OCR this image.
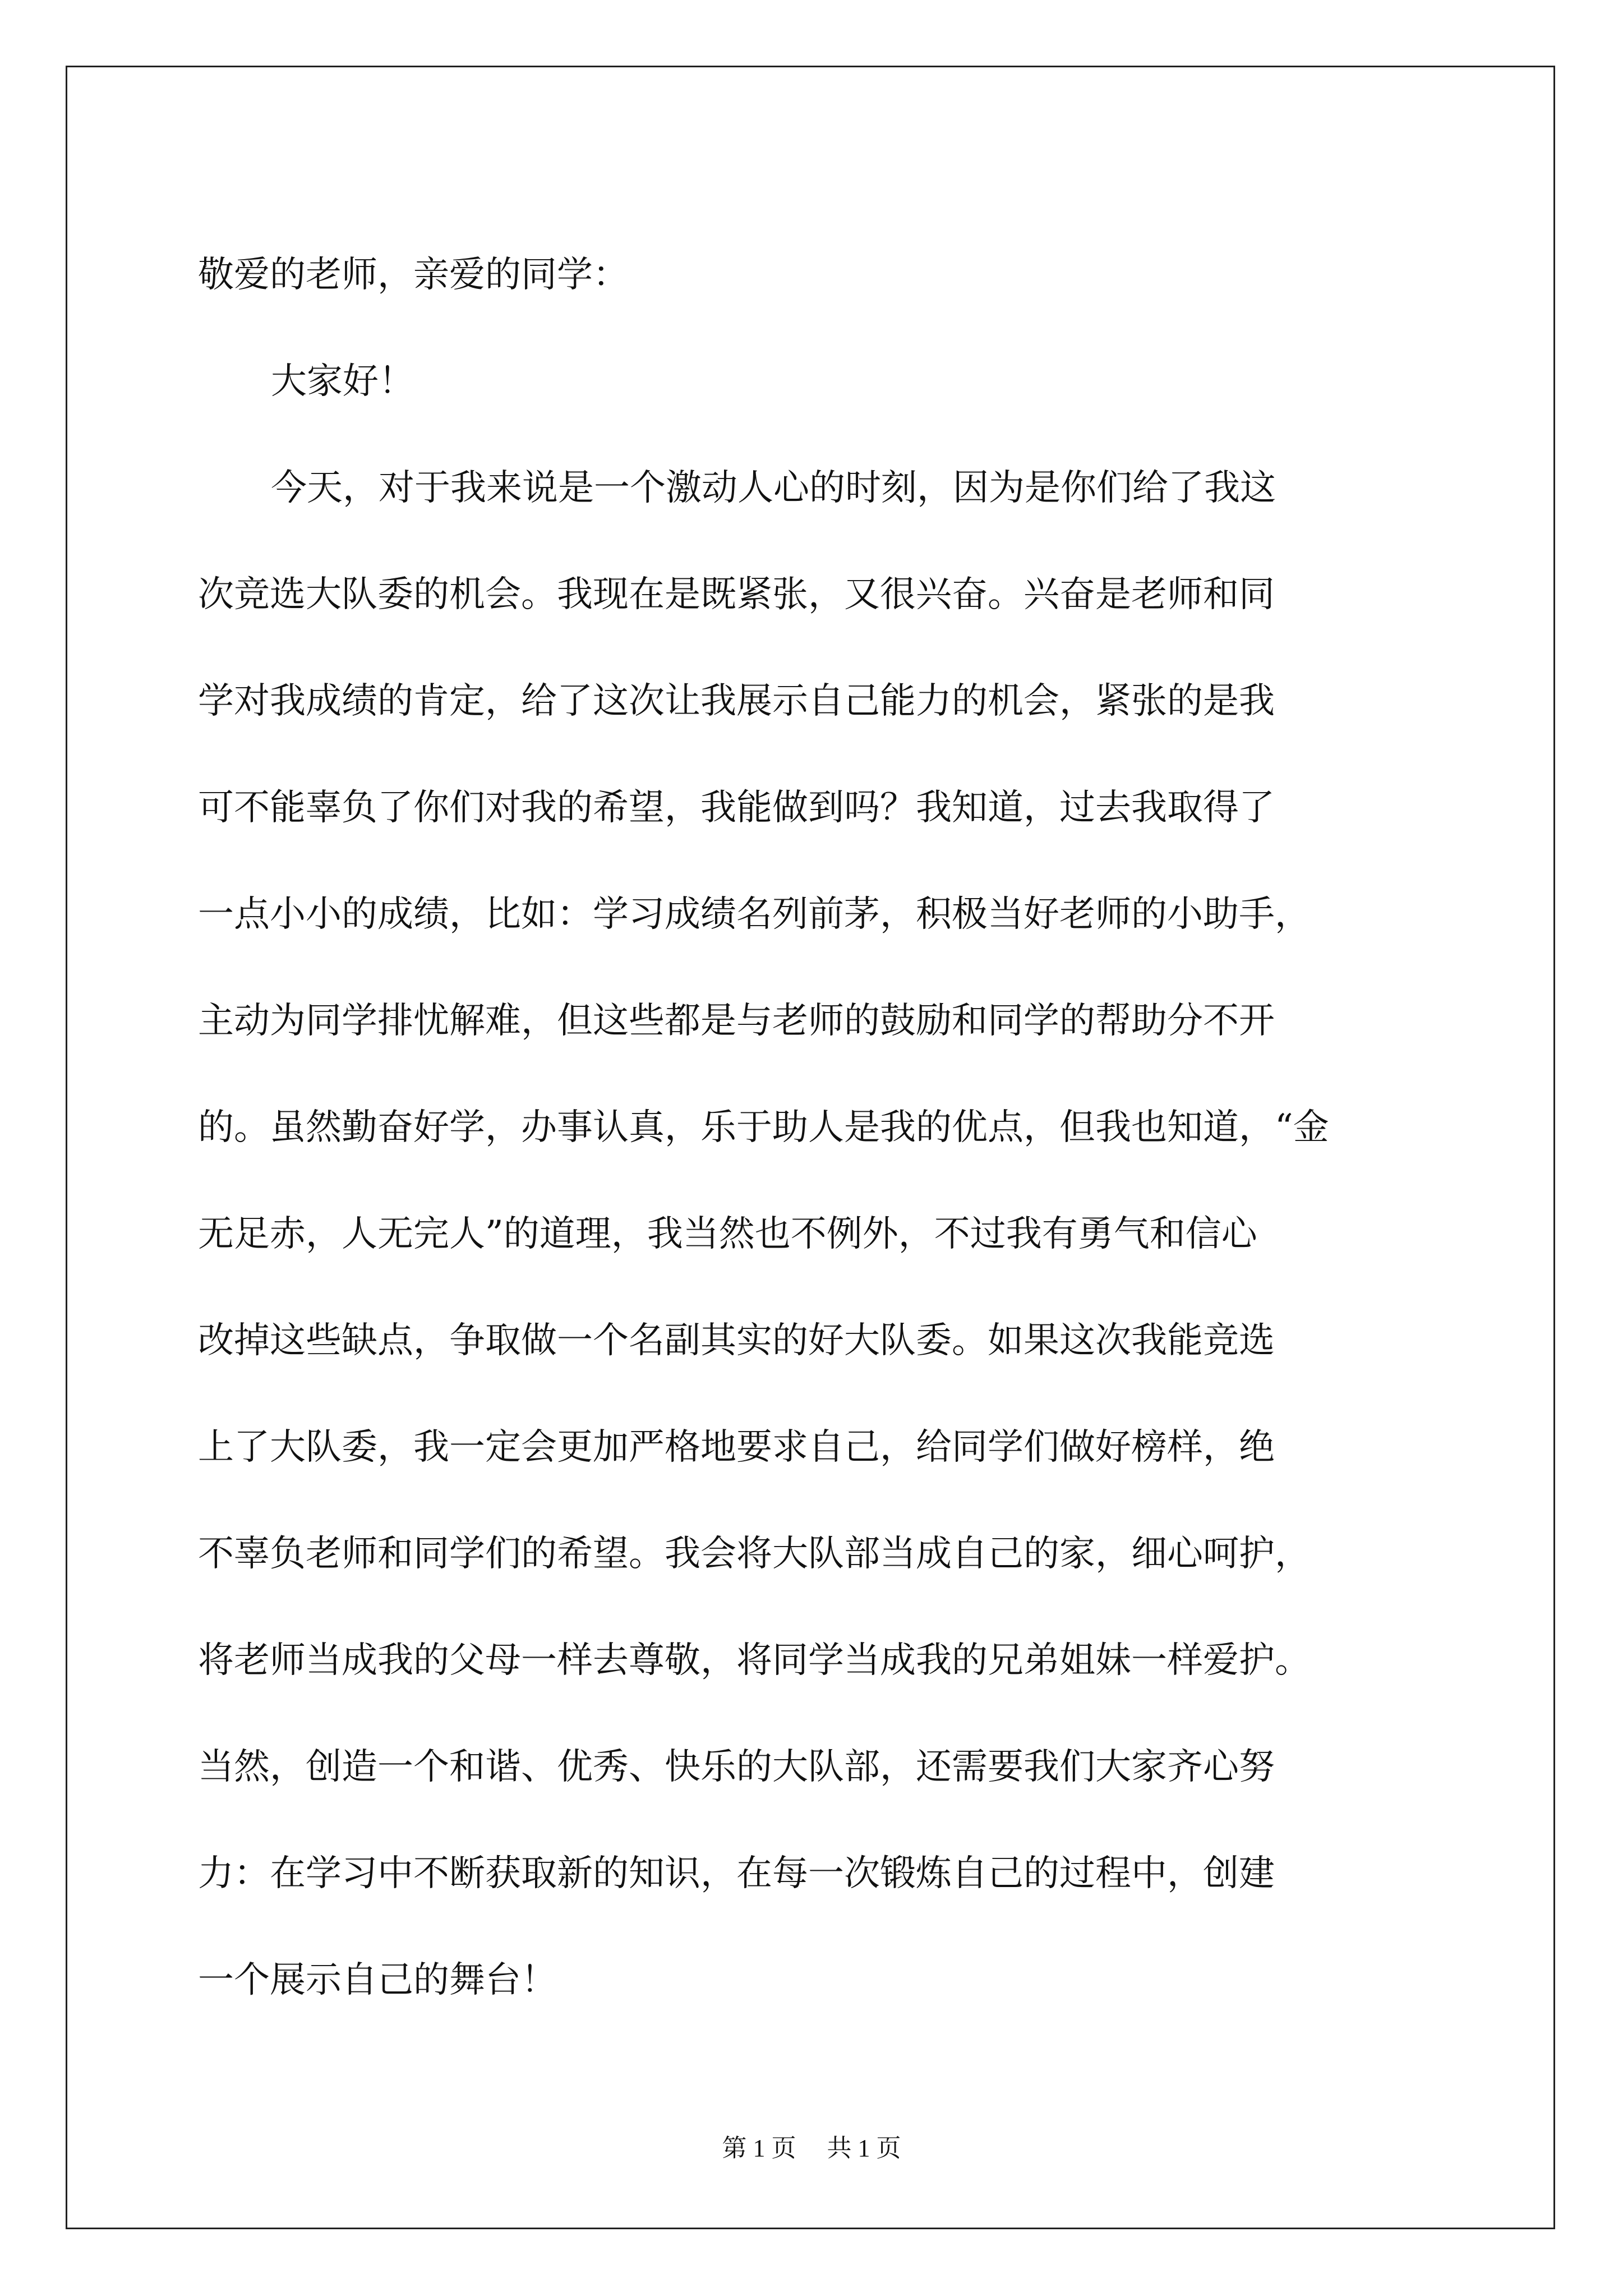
敬爱的老师，亲爱的同学：
大家好！
今天，对于我来说是一个激动人心的时刻，因为是你们给了我这
次竞选大队委的机会。我现在是既紧张，又很兴奋。兴奋是老师和同
学对我成绩的肯定，给了这次让我展示自己能力的机会，紧张的是我
可不能辜负了你们对我的希望，我能做到吗？我知道，过去我取得了
一点小小的成绩，比如：学习成绩名列前茅，积极当好老师的小助手，
主动为同学排忧解难，但这些都是与老师的鼓励和同学的帮助分不开
的。虽然勤奋好学，办事认真，乐于助人是我的优点，但我也知道，“金
无足赤，人无完人”的道理，我当然也不例外，不过我有勇气和信心
改掉这些缺点，争取做一个名副其实的好大队委。如果这次我能竞选
上了大队委，我一定会更加严格地要求自己，给同学们做好榜样，绝
不辜负老师和同学们的希望。我会将大队部当成自己的家，细心呵护，
将老师当成我的父母一样去尊敬，将同学当成我的兄弟姐妹一样爱护。
当然，创造一个和谐、优秀、快乐的大队部，还需要我们大家齐心努
力：在学习中不断获取新的知识，在每一次锻炼自己的过程中，创建
一个展示自己的舞台！
第 1 页 共 1 页
